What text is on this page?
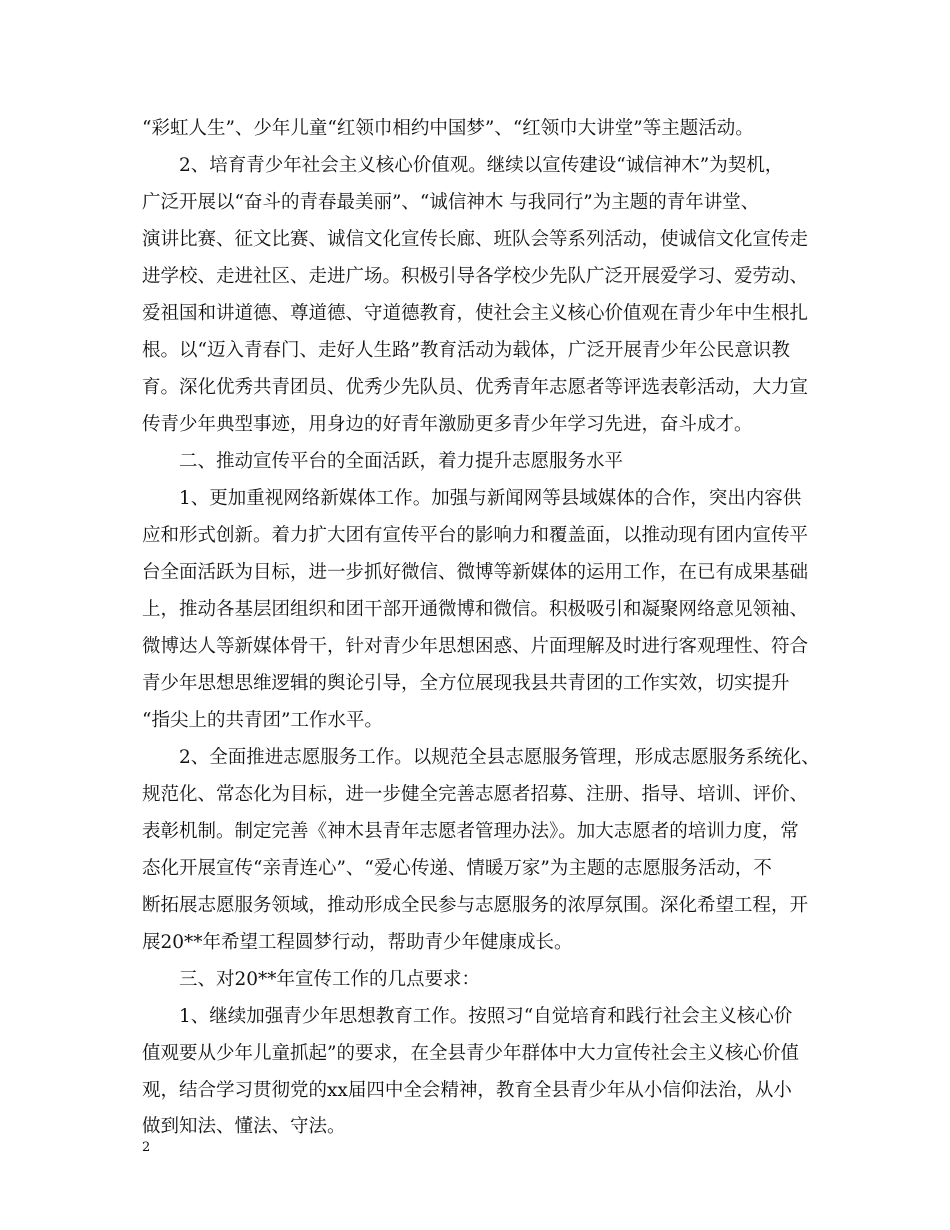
“彩虹人生”、少年儿童“红领巾相约中国梦”、“红领巾大讲堂”等主题活动。
　　2、培育青少年社会主义核心价值观。继续以宣传建设“诚信神木”为契机，
广泛开展以“奋斗的青春最美丽”、“诚信神木 与我同行”为主题的青年讲堂、
演讲比赛、征文比赛、诚信文化宣传长廊、班队会等系列活动，使诚信文化宣传走
进学校、走进社区、走进广场。积极引导各学校少先队广泛开展爱学习、爱劳动、
爱祖国和讲道德、尊道德、守道德教育，使社会主义核心价值观在青少年中生根扎
根。以“迈入青春门、走好人生路”教育活动为载体，广泛开展青少年公民意识教
育。深化优秀共青团员、优秀少先队员、优秀青年志愿者等评选表彰活动，大力宣
传青少年典型事迹，用身边的好青年激励更多青少年学习先进，奋斗成才。
　　二、推动宣传平台的全面活跃，着力提升志愿服务水平
　　1、更加重视网络新媒体工作。加强与新闻网等县域媒体的合作，突出内容供
应和形式创新。着力扩大团有宣传平台的影响力和覆盖面，以推动现有团内宣传平
台全面活跃为目标，进一步抓好微信、微博等新媒体的运用工作，在已有成果基础
上，推动各基层团组织和团干部开通微博和微信。积极吸引和凝聚网络意见领袖、
微博达人等新媒体骨干，针对青少年思想困惑、片面理解及时进行客观理性、符合
青少年思想思维逻辑的舆论引导，全方位展现我县共青团的工作实效，切实提升
“指尖上的共青团”工作水平。
　　2、全面推进志愿服务工作。以规范全县志愿服务管理，形成志愿服务系统化、
规范化、常态化为目标，进一步健全完善志愿者招募、注册、指导、培训、评价、
表彰机制。制定完善《神木县青年志愿者管理办法》。加大志愿者的培训力度，常
态化开展宣传“亲青连心”、“爱心传递、情暖万家”为主题的志愿服务活动，不
断拓展志愿服务领域，推动形成全民参与志愿服务的浓厚氛围。深化希望工程，开
展20**年希望工程圆梦行动，帮助青少年健康成长。
　　三、对20**年宣传工作的几点要求：
　　1、继续加强青少年思想教育工作。按照习“自觉培育和践行社会主义核心价
值观要从少年儿童抓起”的要求，在全县青少年群体中大力宣传社会主义核心价值
观，结合学习贯彻党的xx届四中全会精神，教育全县青少年从小信仰法治，从小
做到知法、懂法、守法。
2
